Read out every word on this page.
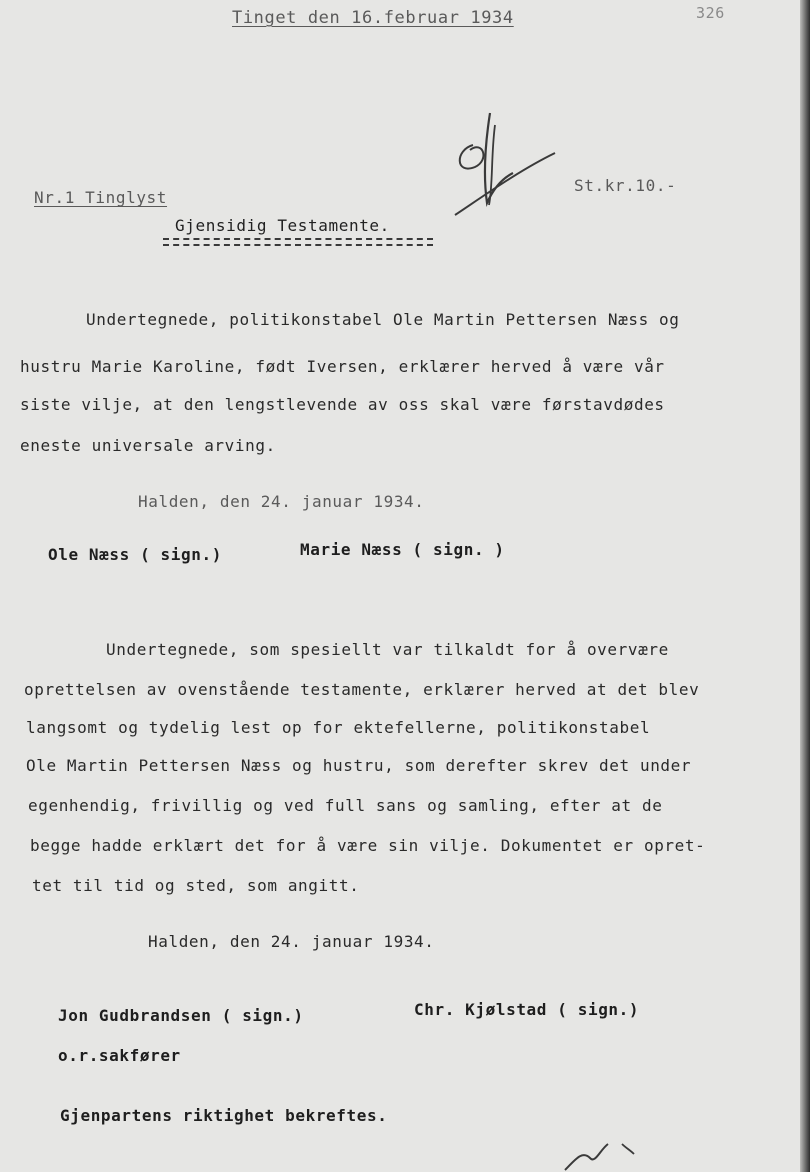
Tinget den 16.februar 1934	326
Nr.1 Tinglyst
St.kr.10.-
Gjensidig Testamente.
Undertegnede, politikonstabel Ole Martin Pettersen Næss og
hustru Marie Karoline, født Iversen, erklærer herved å være vår
siste vilje, at den lengstlevende av oss skal være førstavdødes
eneste universale arving.
Halden, den 24. januar 1934.
Ole Næss ( sign.)	Marie Næss ( sign. )
Undertegnede, som spesiellt var tilkaldt for å overvære
oprettelsen av ovenstående testamente, erklærer herved at det blev
langsomt og tydelig lest op for ektefellerne, politikonstabel
Ole Martin Pettersen Næss og hustru, som derefter skrev det under
egenhendig, frivillig og ved full sans og samling, efter at de
begge hadde erklært det for å være sin vilje. Dokumentet er opret-
tet til tid og sted, som angitt.
Halden, den 24. januar 1934.
Jon Gudbrandsen ( sign.)	Chr. Kjølstad ( sign.)
o.r.sakfører
Gjenpartens riktighet bekreftes.
